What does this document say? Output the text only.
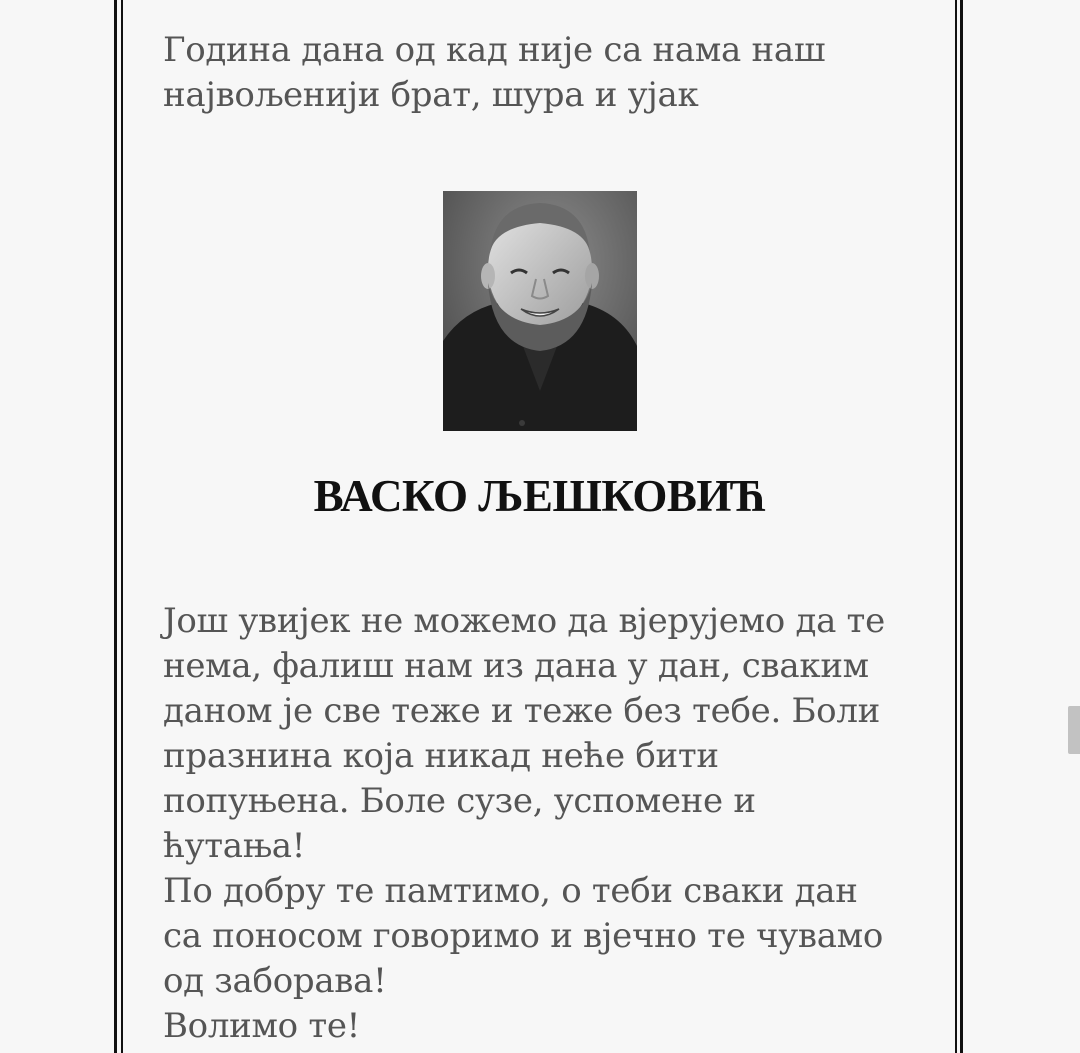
Година дана од кад није са нама наш
највољенији брат, шура и ујак

ВАСКО ЉЕШКОВИЋ

Још увијек не можемо да вјерујемо да те
нема, фалиш нам из дана у дан, сваким
даном је све теже и теже без тебе. Боли
празнина која никад неће бити
попуњена. Боле сузе, успомене и
ћутања!
По добру те памтимо, о теби сваки дан
са поносом говоримо и вјечно те чувамо
од заборава!
Волимо те!
